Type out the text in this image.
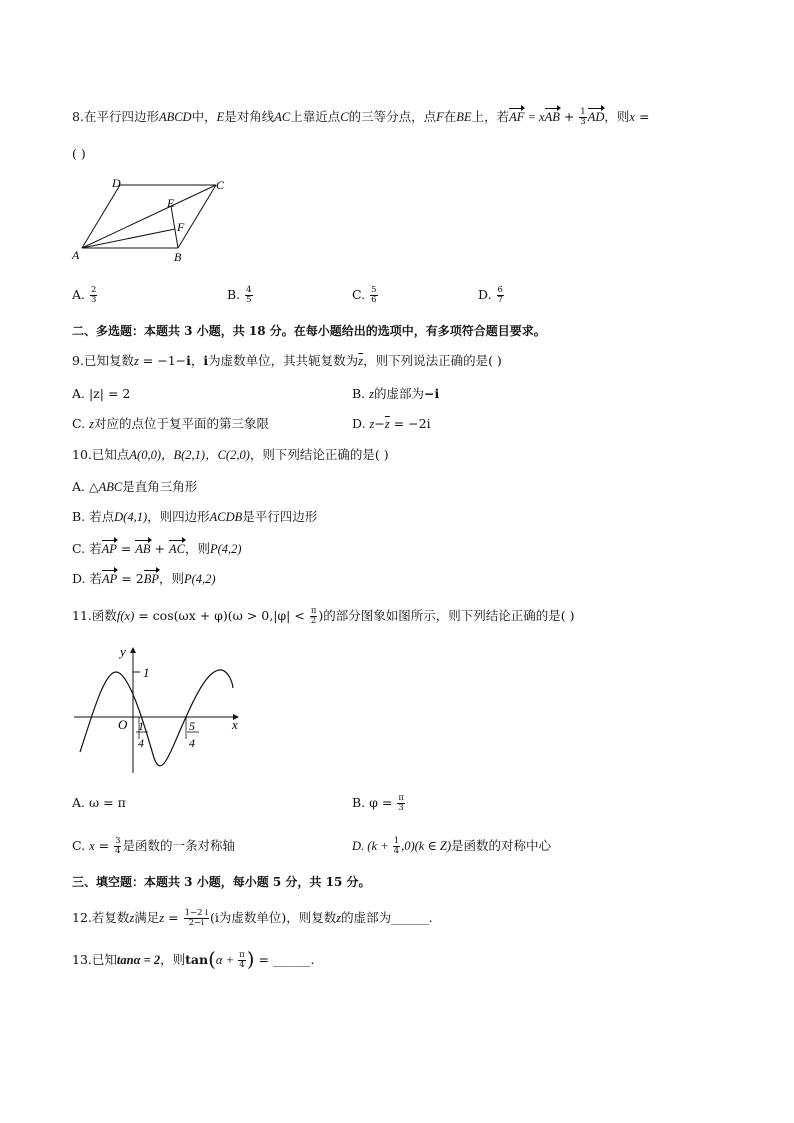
8.在平行四边形ABCD中，E是对角线AC上靠近点C的三等分点，点F在BE上，若AF = xAB + $\frac{1}{3}$ AD，则x =
( )
D	C
E
F
A	B
A. $\frac{2}{3}$	B. $\frac{4}{5}$	C. $\frac{5}{6}$	D. $\frac{6}{7}$
二、多选题：本题共 3 小题，共 18 分。在每小题给出的选项中，有多项符合题目要求。
9.已知复数z = −1−i，i为虚数单位，其共轭复数为$\overline{z}$，则下列说法正确的是( )
A. |z| = 2	B. z的虚部为−i
C. z对应的点位于复平面的第三象限	D. $z-\overline{z} = -2i$
10.已知点A(0,0)，B(2,1)，C(2,0)，则下列结论正确的是( )
A. △ABC是直角三角形
B. 若点D(4,1)，则四边形ACDB是平行四边形
C. 若AP = AB + AC，则P(4,2)
D. 若AP = 2BP，则P(4,2)
11.函数$f(x) = \cos(\omega x + \varphi)(\omega > 0,|\varphi| < \frac{\pi}{2}$ )的部分图象如图所示，则下列结论正确的是( )
y
1
O	x
1
4
5
4
A. ω = π	B. $\varphi = \frac{\pi}{3}$
C. $x = \frac{3}{4}$ 是函数的一条对称轴	D. $(k + \frac{1}{4} ,0)(k$ ∈ Z)是函数的对称中心
三、填空题：本题共 3 小题，每小题 5 分，共 15 分。
12.若复数z满足$z = \frac{1-2 i}{2-i} (i$为虚数单位)，则复数z的虚部为______.
13.已知tanα = 2，则$\tan(\alpha + \frac{\pi}{4}$ ) = ______.
